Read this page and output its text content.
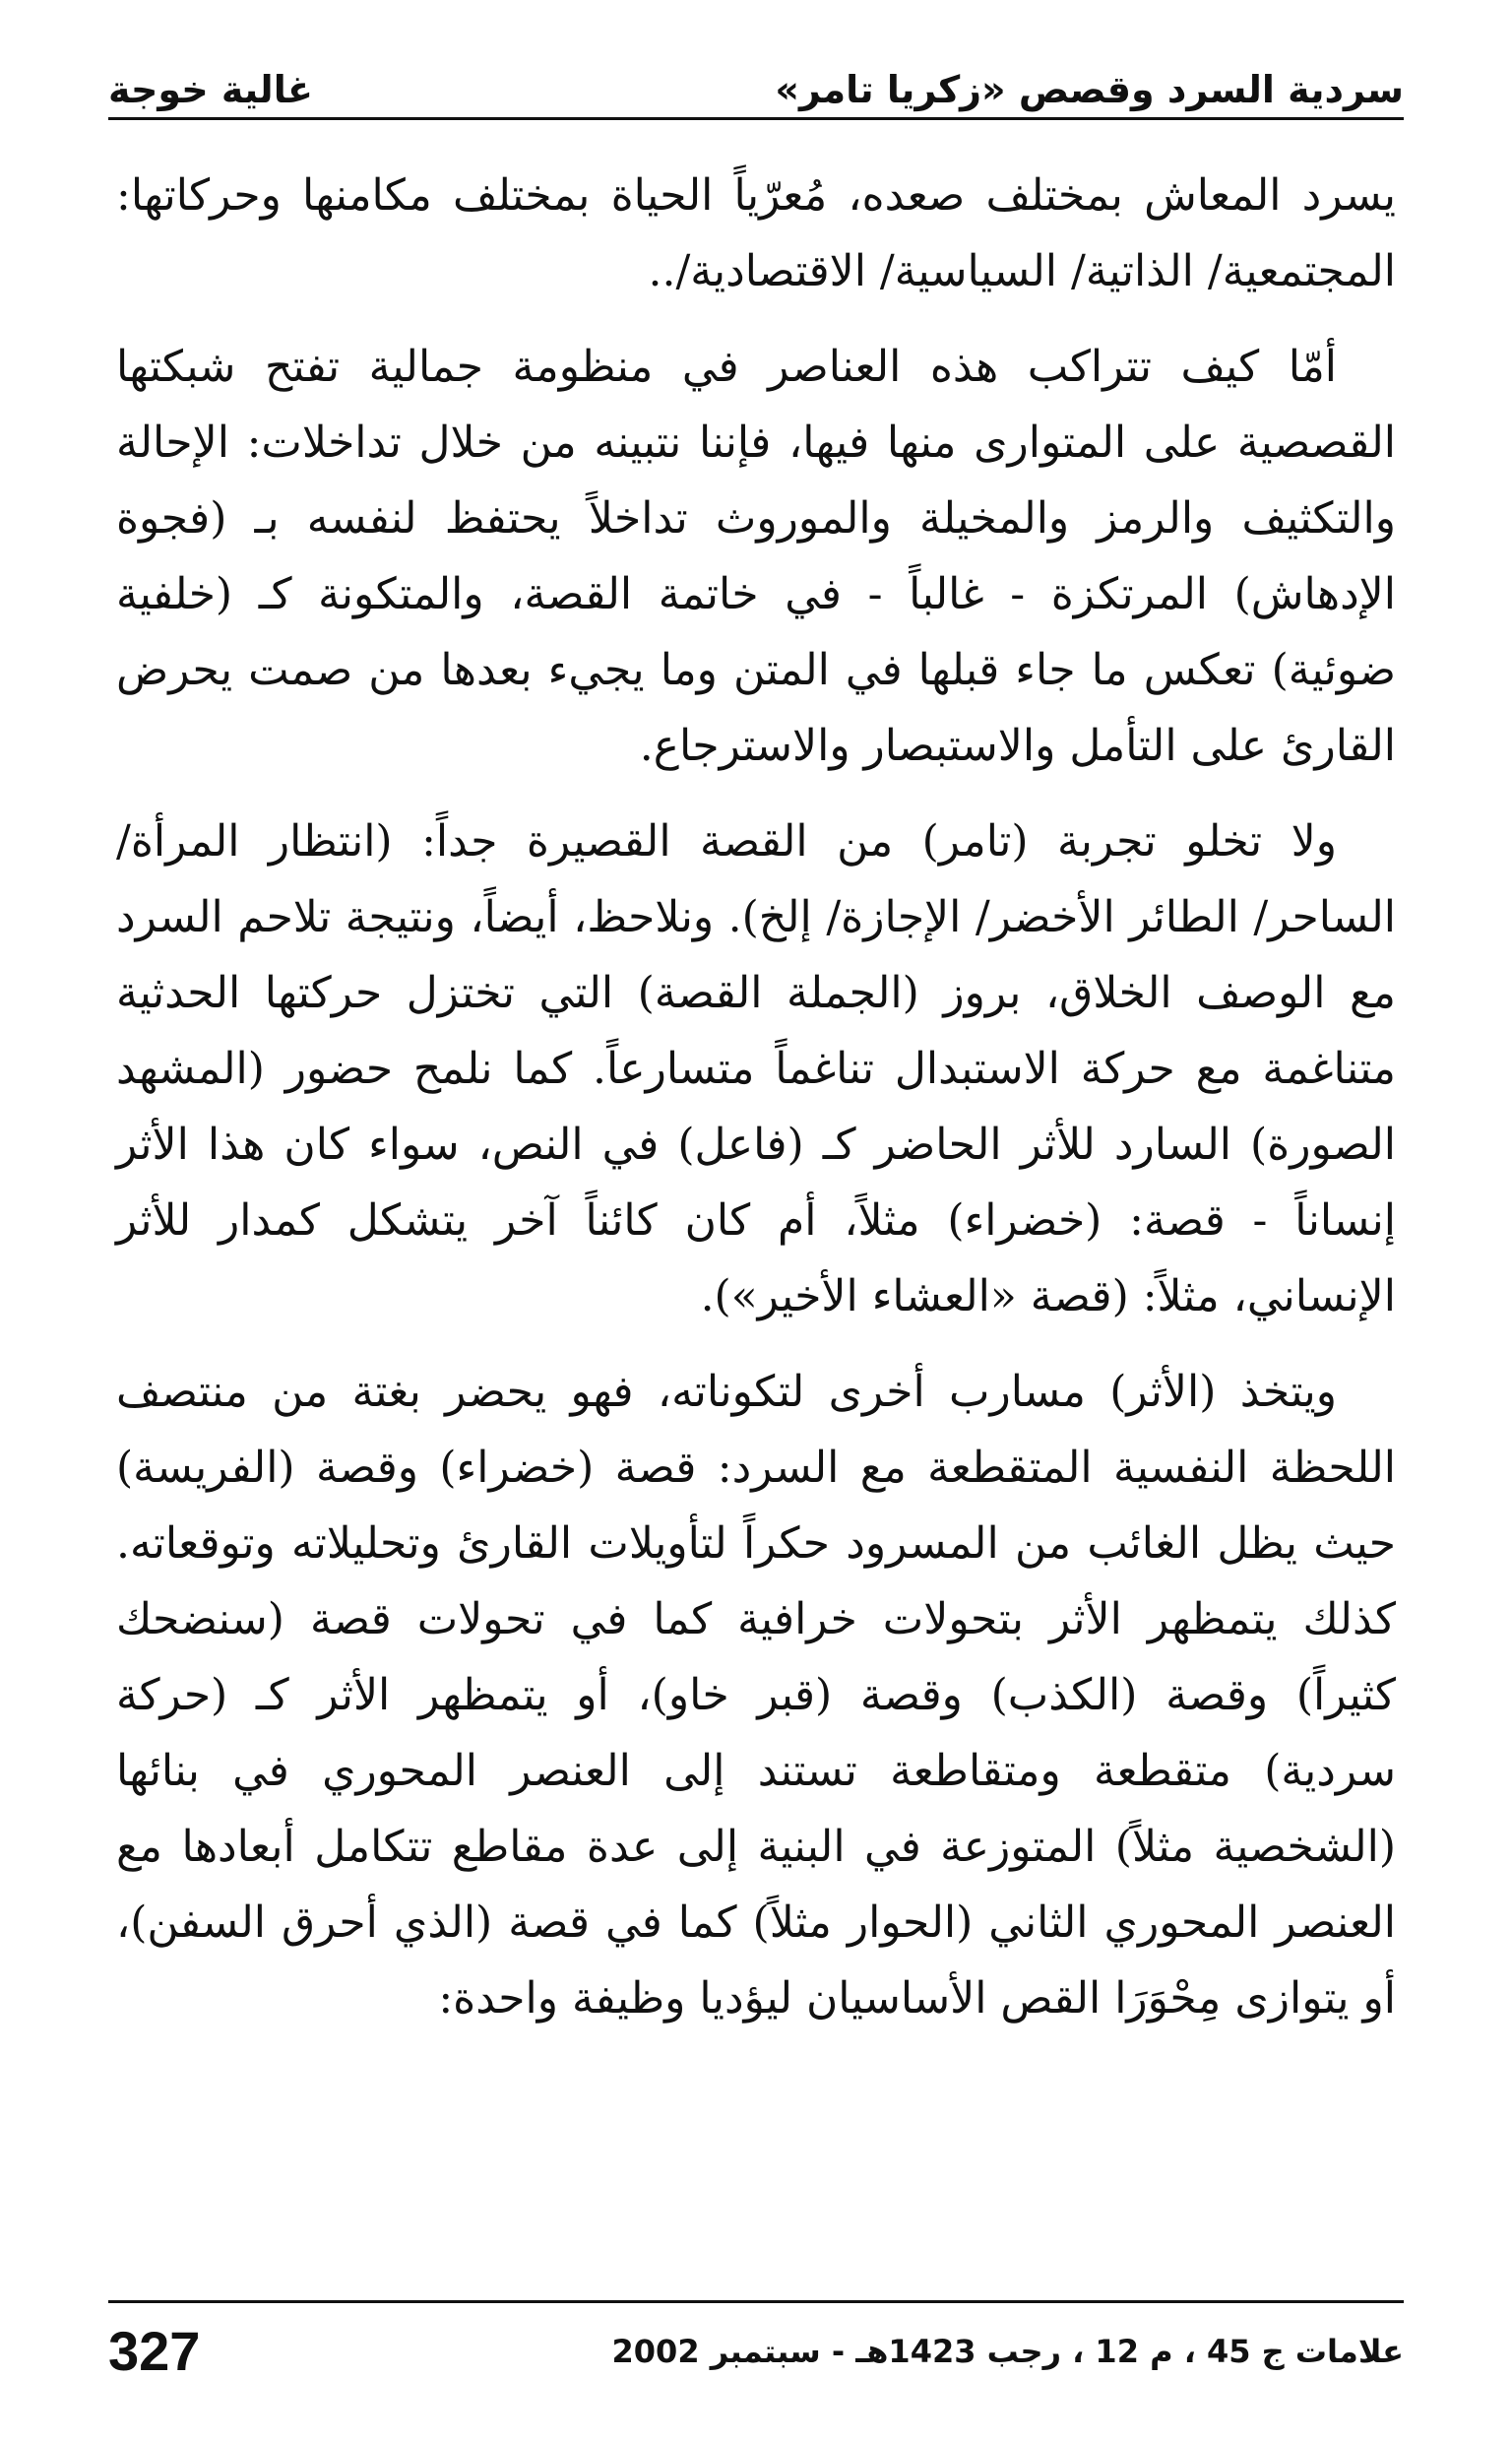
سردية السرد وقصص «زكريا تامر»
غالية خوجة

يسرد المعاش بمختلف صعده، مُعرّياً الحياة بمختلف مكامنها وحركاتها: المجتمعية/ الذاتية/ السياسية/ الاقتصادية/..

أمّا كيف تتراكب هذه العناصر في منظومة جمالية تفتح شبكتها القصصية على المتوارى منها فيها، فإننا نتبينه من خلال تداخلات: الإحالة والتكثيف والرمز والمخيلة والموروث تداخلاً يحتفظ لنفسه بـ (فجوة الإدهاش) المرتكزة - غالباً - في خاتمة القصة، والمتكونة كـ (خلفية ضوئية) تعكس ما جاء قبلها في المتن وما يجيء بعدها من صمت يحرض القارئ على التأمل والاستبصار والاسترجاع.

ولا تخلو تجربة (تامر) من القصة القصيرة جداً: (انتظار المرأة/ الساحر/ الطائر الأخضر/ الإجازة/ إلخ). ونلاحظ، أيضاً، ونتيجة تلاحم السرد مع الوصف الخلاق، بروز (الجملة القصة) التي تختزل حركتها الحدثية متناغمة مع حركة الاستبدال تناغماً متسارعاً. كما نلمح حضور (المشهد الصورة) السارد للأثر الحاضر كـ (فاعل) في النص، سواء كان هذا الأثر إنساناً - قصة: (خضراء) مثلاً، أم كان كائناً آخر يتشكل كمدار للأثر الإنساني، مثلاً: (قصة «العشاء الأخير»).

ويتخذ (الأثر) مسارب أخرى لتكوناته، فهو يحضر بغتة من منتصف اللحظة النفسية المتقطعة مع السرد: قصة (خضراء) وقصة (الفريسة) حيث يظل الغائب من المسرود حكراً لتأويلات القارئ وتحليلاته وتوقعاته. كذلك يتمظهر الأثر بتحولات خرافية كما في تحولات قصة (سنضحك كثيراً) وقصة (الكذب) وقصة (قبر خاو)، أو يتمظهر الأثر كـ (حركة سردية) متقطعة ومتقاطعة تستند إلى العنصر المحوري في بنائها (الشخصية مثلاً) المتوزعة في البنية إلى عدة مقاطع تتكامل أبعادها مع العنصر المحوري الثاني (الحوار مثلاً) كما في قصة (الذي أحرق السفن)، أو يتوازى مِحْوَرَا القص الأساسيان ليؤديا وظيفة واحدة:

علامات ج 45 ، م 12 ، رجب 1423هـ - سبتمبر 2002
327
